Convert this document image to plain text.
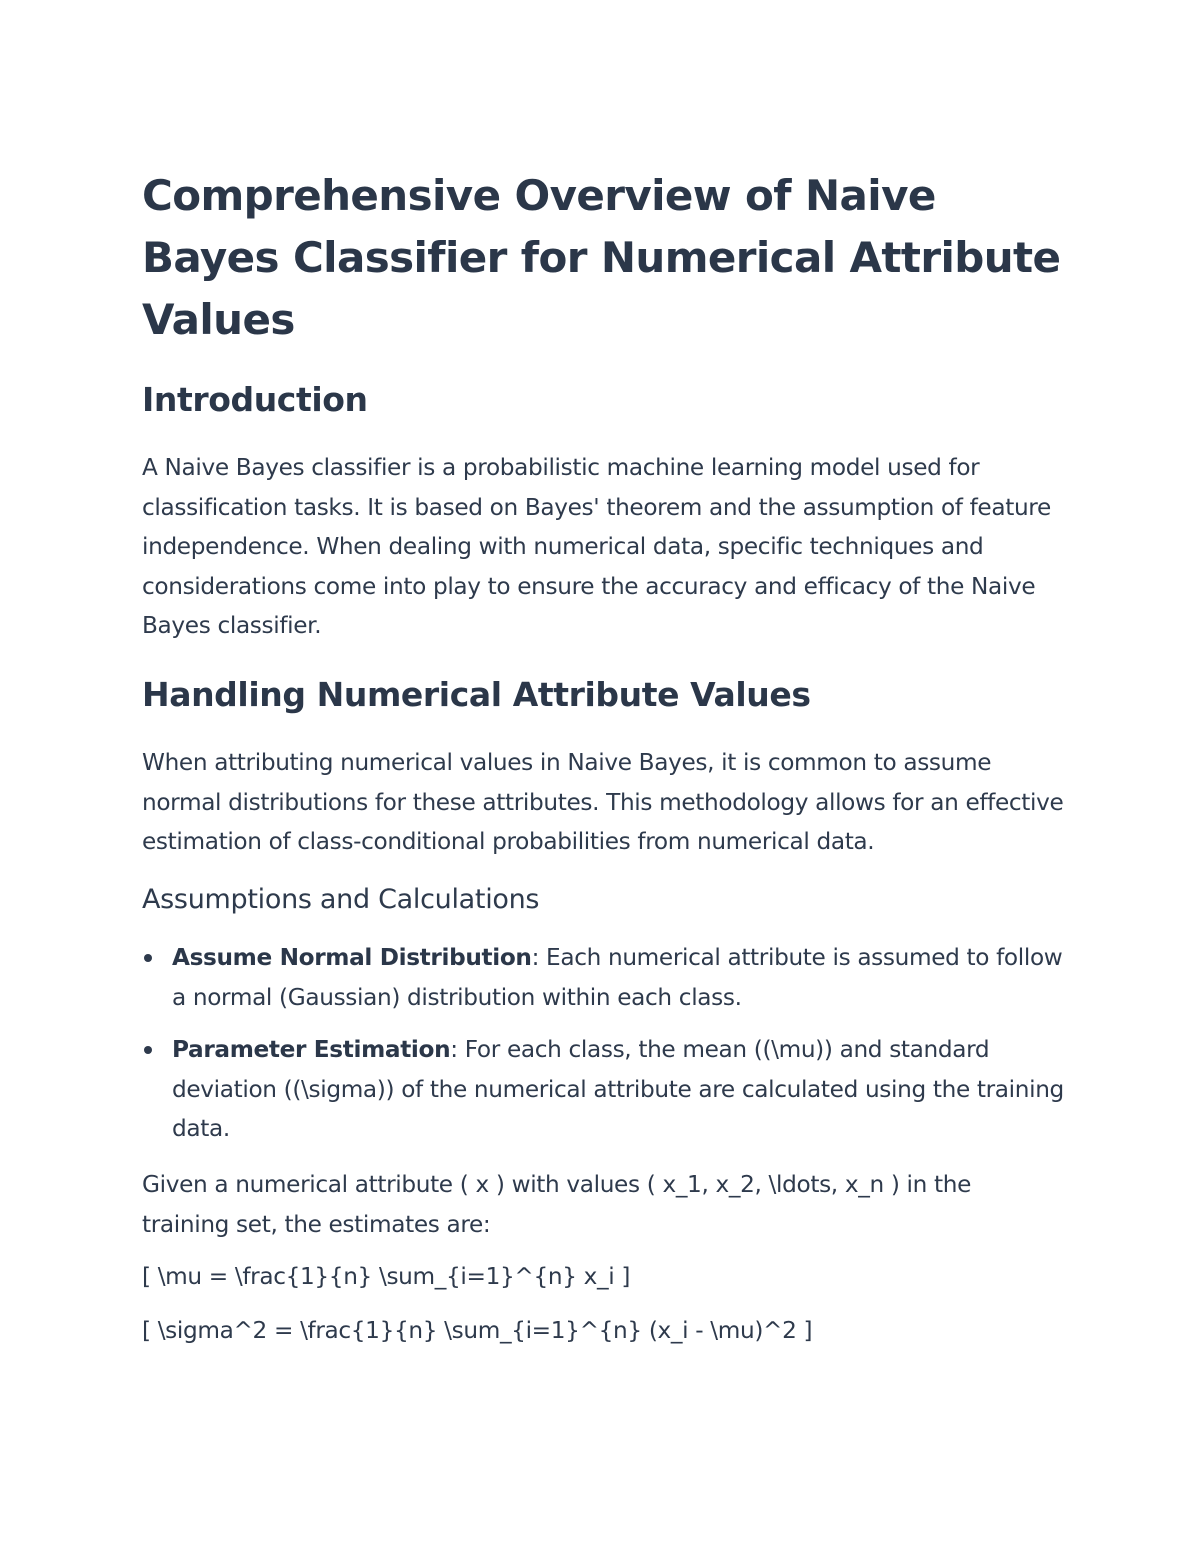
Comprehensive Overview of Naive Bayes Classifier for Numerical Attribute Values
Introduction

A Naive Bayes classifier is a probabilistic machine learning model used for classification tasks. It is based on Bayes' theorem and the assumption of feature independence. When dealing with numerical data, specific techniques and considerations come into play to ensure the accuracy and efficacy of the Naive Bayes classifier.

Handling Numerical Attribute Values

When attributing numerical values in Naive Bayes, it is common to assume normal distributions for these attributes. This methodology allows for an effective estimation of class-conditional probabilities from numerical data.

Assumptions and Calculations
Assume Normal Distribution: Each numerical attribute is assumed to follow a normal (Gaussian) distribution within each class.
Parameter Estimation: For each class, the mean ((\mu)) and standard deviation ((\sigma)) of the numerical attribute are calculated using the training data.

Given a numerical attribute ( x ) with values ( x_1, x_2, \ldots, x_n ) in the training set, the estimates are:

[ \mu = \frac{1}{n} \sum_{i=1}^{n} x_i ]

[ \sigma^2 = \frac{1}{n} \sum_{i=1}^{n} (x_i - \mu)^2 ]
